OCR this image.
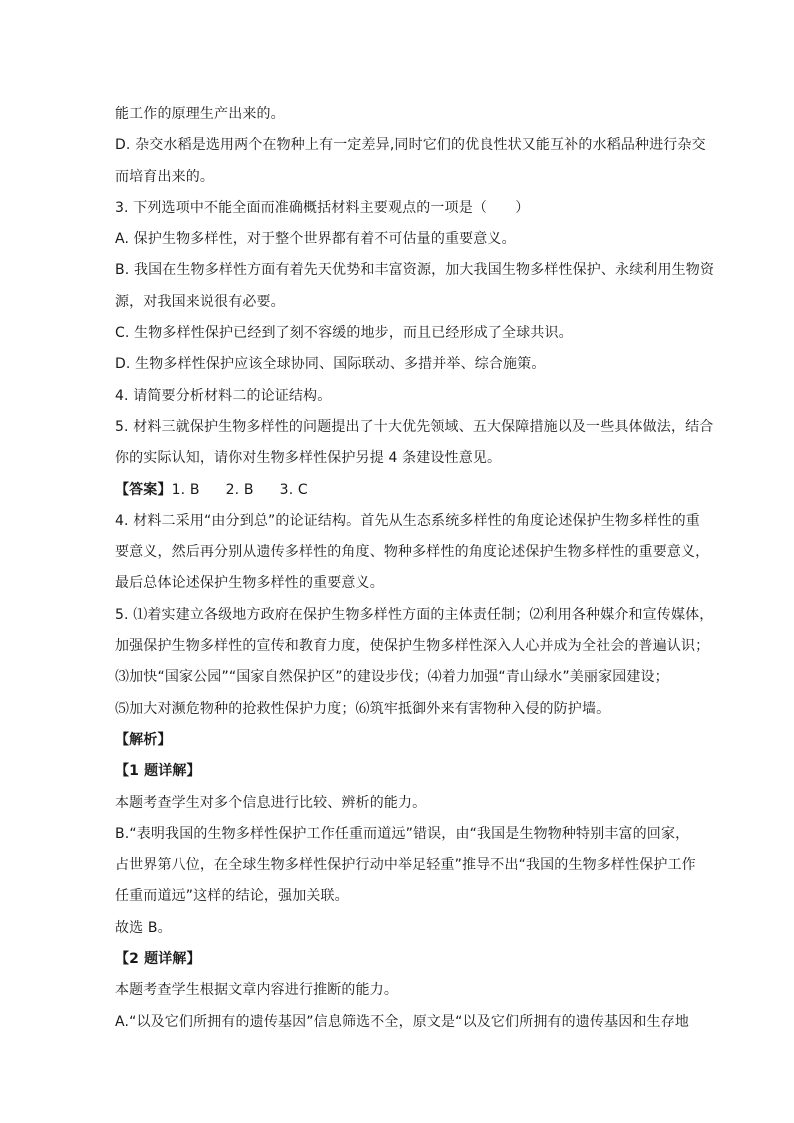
能工作的原理生产出来的。
D. 杂交水稻是选用两个在物种上有一定差异,同时它们的优良性状又能互补的水稻品种进行杂交
而培育出来的。
3. 下列选项中不能全面而准确概括材料主要观点的一项是（　　）
A. 保护生物多样性，对于整个世界都有着不可估量的重要意义。
B. 我国在生物多样性方面有着先天优势和丰富资源，加大我国生物多样性保护、永续利用生物资
源，对我国来说很有必要。
C. 生物多样性保护已经到了刻不容缓的地步，而且已经形成了全球共识。
D. 生物多样性保护应该全球协同、国际联动、多措并举、综合施策。
4. 请简要分析材料二的论证结构。
5. 材料三就保护生物多样性的问题提出了十大优先领域、五大保障措施以及一些具体做法，结合
你的实际认知，请你对生物多样性保护另提 4 条建设性意见。
【答案】1. B 2. B 3. C
4. 材料二采用“由分到总”的论证结构。首先从生态系统多样性的角度论述保护生物多样性的重
要意义，然后再分别从遗传多样性的角度、物种多样性的角度论述保护生物多样性的重要意义，
最后总体论述保护生物多样性的重要意义。
5. ⑴着实建立各级地方政府在保护生物多样性方面的主体责任制；⑵利用各种媒介和宣传媒体，
加强保护生物多样性的宣传和教育力度，使保护生物多样性深入人心并成为全社会的普遍认识；
⑶加快“国家公园”“国家自然保护区”的建设步伐；⑷着力加强“青山绿水”美丽家园建设；
⑸加大对濒危物种的抢救性保护力度；⑹筑牢抵御外来有害物种入侵的防护墙。
【解析】
【1 题详解】
本题考查学生对多个信息进行比较、辨析的能力。
B.“表明我国的生物多样性保护工作任重而道远”错误，由“我国是生物物种特别丰富的回家，
占世界第八位，在全球生物多样性保护行动中举足轻重”推导不出“我国的生物多样性保护工作
任重而道远”这样的结论，强加关联。
故选 B。
【2 题详解】
本题考查学生根据文章内容进行推断的能力。
A.“以及它们所拥有的遗传基因”信息筛选不全，原文是“以及它们所拥有的遗传基因和生存地
